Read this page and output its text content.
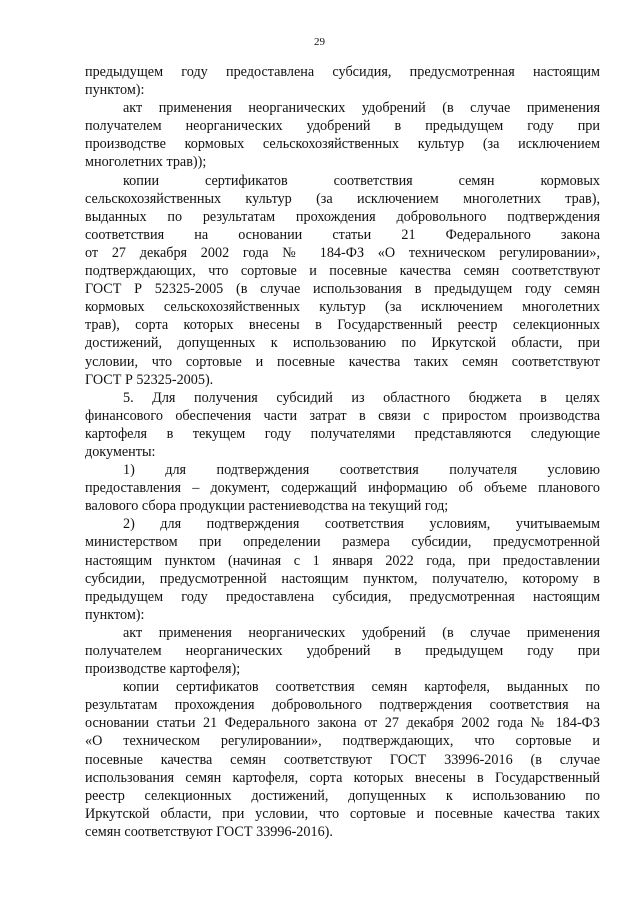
29
предыдущем году предоставлена субсидия, предусмотренная настоящим
пунктом):
акт применения неорганических удобрений (в случае применения
получателем неорганических удобрений в предыдущем году при
производстве кормовых сельскохозяйственных культур (за исключением
многолетних трав));
копии сертификатов соответствия семян кормовых
сельскохозяйственных культур (за исключением многолетних трав),
выданных по результатам прохождения добровольного подтверждения
соответствия на основании статьи 21 Федерального закона
от 27 декабря 2002 года № 184-ФЗ «О техническом регулировании»,
подтверждающих, что сортовые и посевные качества семян соответствуют
ГОСТ Р 52325-2005 (в случае использования в предыдущем году семян
кормовых сельскохозяйственных культур (за исключением многолетних
трав), сорта которых внесены в Государственный реестр селекционных
достижений, допущенных к использованию по Иркутской области, при
условии, что сортовые и посевные качества таких семян соответствуют
ГОСТ Р 52325-2005).
5. Для получения субсидий из областного бюджета в целях
финансового обеспечения части затрат в связи с приростом производства
картофеля в текущем году получателями представляются следующие
документы:
1) для подтверждения соответствия получателя условию
предоставления – документ, содержащий информацию об объеме планового
валового сбора продукции растениеводства на текущий год;
2) для подтверждения соответствия условиям, учитываемым
министерством при определении размера субсидии, предусмотренной
настоящим пунктом (начиная с 1 января 2022 года, при предоставлении
субсидии, предусмотренной настоящим пунктом, получателю, которому в
предыдущем году предоставлена субсидия, предусмотренная настоящим
пунктом):
акт применения неорганических удобрений (в случае применения
получателем неорганических удобрений в предыдущем году при
производстве картофеля);
копии сертификатов соответствия семян картофеля, выданных по
результатам прохождения добровольного подтверждения соответствия на
основании статьи 21 Федерального закона от 27 декабря 2002 года № 184-ФЗ
«О техническом регулировании», подтверждающих, что сортовые и
посевные качества семян соответствуют ГОСТ 33996-2016 (в случае
использования семян картофеля, сорта которых внесены в Государственный
реестр селекционных достижений, допущенных к использованию по
Иркутской области, при условии, что сортовые и посевные качества таких
семян соответствуют ГОСТ 33996-2016).
